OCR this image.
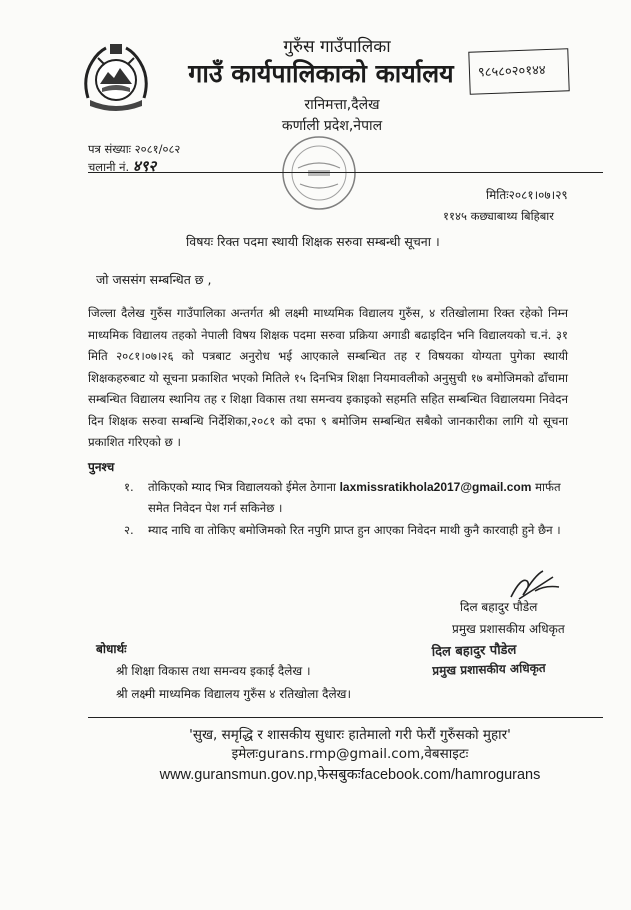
गुरुँस गाउँपालिका
गाउँ कार्यपालिकाको कार्यालय	९८५८०२०१४४
रानिमत्ता,दैलेख
कर्णाली प्रदेश,नेपाल
पत्र संख्याः २०८१/०८२
चलानी नं. ४९२
मितिः२०८१।०७।२९
११४५ कछ्याबाथ्य बिहिबार
विषयः रिक्त पदमा स्थायी शिक्षक सरुवा सम्बन्धी सूचना ।
जो जससंग सम्बन्धित छ ,
जिल्ला दैलेख गुरुँस गाउँपालिका अन्तर्गत श्री लक्ष्मी माध्यमिक विद्यालय गुरुँस, ४ रतिखोलामा रिक्त रहेको निम्न माध्यमिक विद्यालय तहको नेपाली विषय शिक्षक पदमा सरुवा प्रक्रिया अगाडी बढाइदिन भनि विद्यालयको च.नं. ३१ मिति २०८१।०७।२६ को पत्रबाट अनुरोध भई आएकाले सम्बन्धित तह र विषयका योग्यता पुगेका स्थायी शिक्षकहरुबाट यो सूचना प्रकाशित भएको मितिले १५ दिनभित्र शिक्षा नियमावलीको अनुसुची १७ बमोजिमको ढाँचामा सम्बन्धित विद्यालय स्थानिय तह र शिक्षा विकास तथा समन्वय इकाइको सहमति सहित सम्बन्धित विद्यालयमा निवेदन दिन शिक्षक सरुवा सम्बन्धि निर्देशिका,२०८१ को दफा ९ बमोजिम सम्बन्धित सबैको जानकारीका लागि यो सूचना प्रकाशित गरिएको छ ।
पुनश्च
१.	तोकिएको म्याद भित्र विद्यालयको ईमेल ठेगाना laxmissratikhola2017@gmail.com मार्फत समेत निवेदन पेश गर्न सकिनेछ ।
२.	म्याद नाघि वा तोकिए बमोजिमको रित नपुगि प्राप्त हुन आएका निवेदन माथी कुनै कारवाही हुने छैन ।
दिल बहादुर पौडेल
प्रमुख प्रशासकीय अधिकृत
दिल बहादुर पौडेल
प्रमुख प्रशासकीय अधिकृत
बोधार्थः
श्री शिक्षा विकास तथा समन्वय इकाई दैलेख ।
श्री लक्ष्मी माध्यमिक विद्यालय गुरुँस ४ रतिखोला दैलेख।
'सुख, समृद्धि र शासकीय सुधारः हातेमालो गरी फेरौं गुरुँसको मुहार'
इमेलःgurans.rmp@gmail.com,वेबसाइटः
www.guransmun.gov.np,फेसबुकःfacebook.com/hamrogurans
